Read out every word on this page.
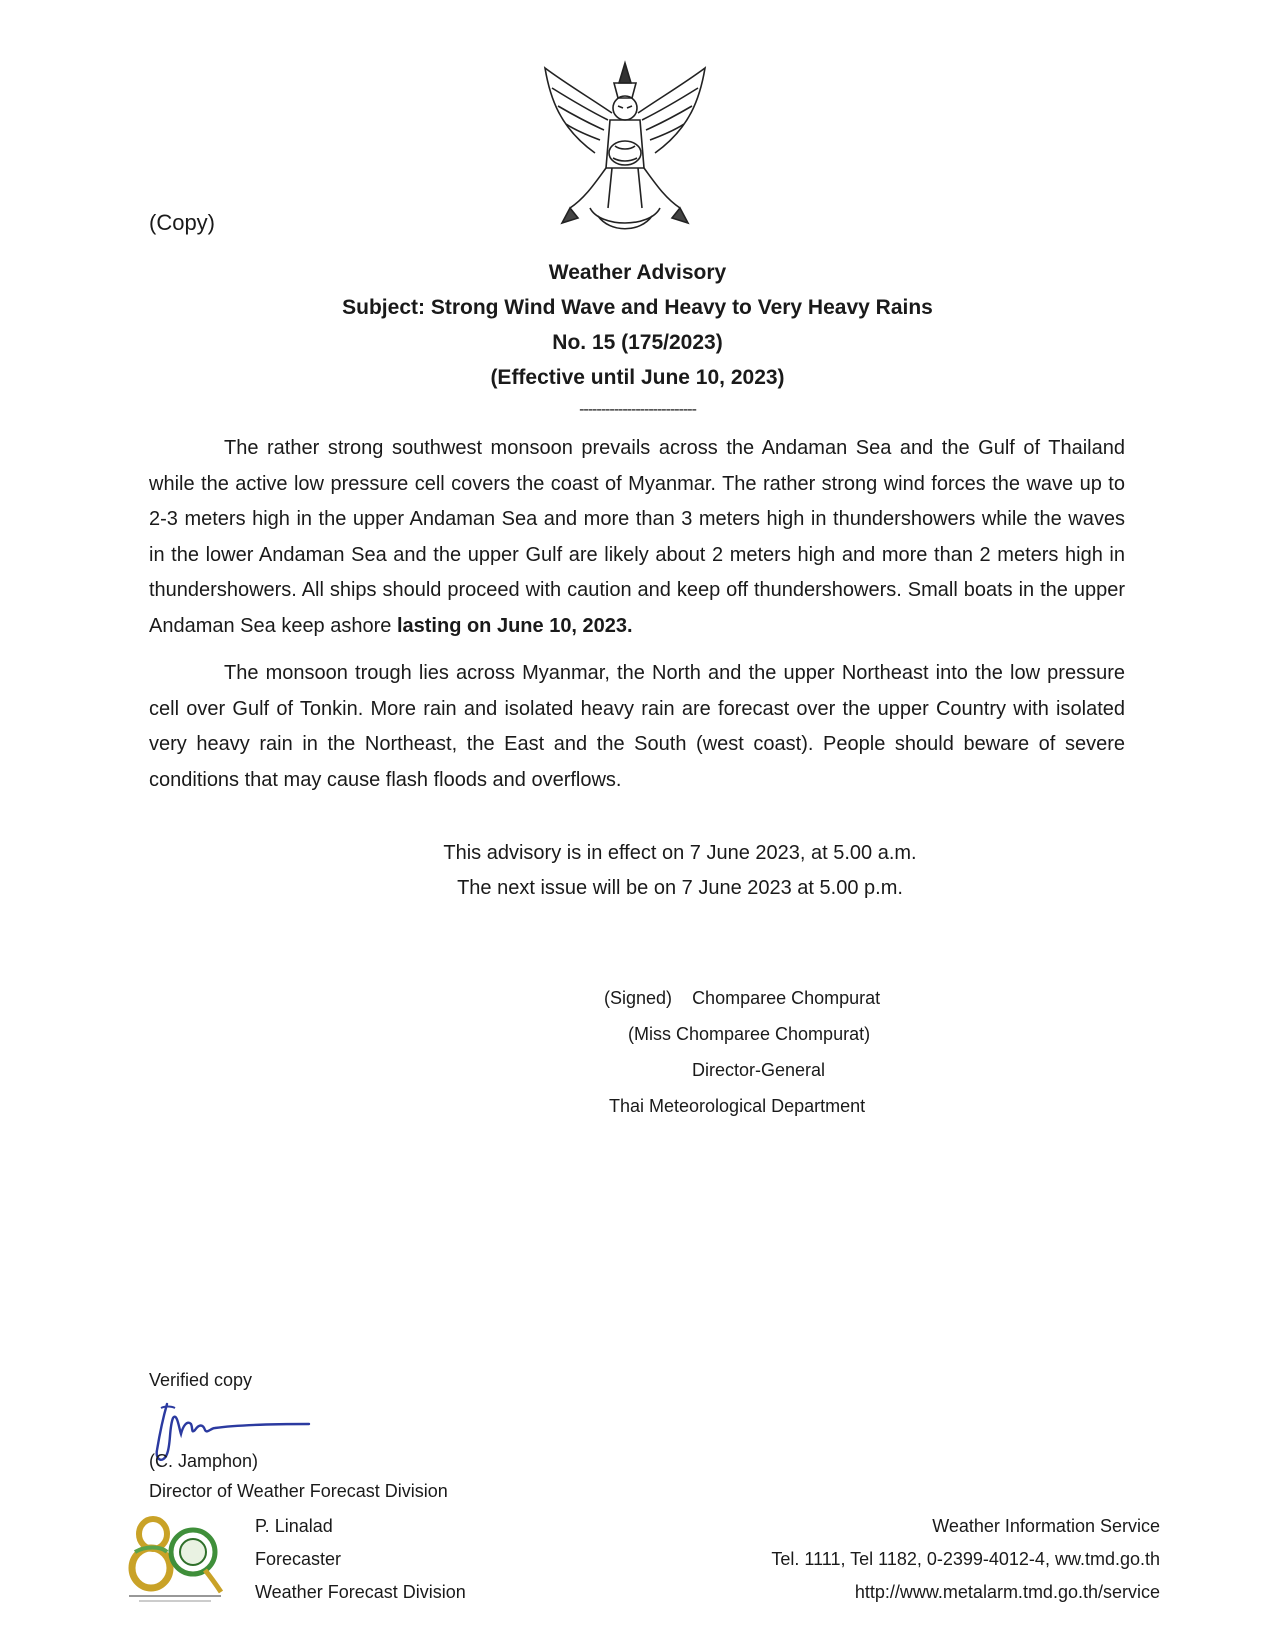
(Copy)
Weather Advisory
Subject: Strong Wind Wave and Heavy to Very Heavy Rains
No. 15 (175/2023)
(Effective until June 10, 2023)
---------------------------

The rather strong southwest monsoon prevails across the Andaman Sea and the Gulf of Thailand while the active low pressure cell covers the coast of Myanmar. The rather strong wind forces the wave up to 2-3 meters high in the upper Andaman Sea and more than 3 meters high in thundershowers while the waves in the lower Andaman Sea and the upper Gulf are likely about 2 meters high and more than 2 meters high in thundershowers. All ships should proceed with caution and keep off thundershowers. Small boats in the upper Andaman Sea keep ashore lasting on June 10, 2023.

The monsoon trough lies across Myanmar, the North and the upper Northeast into the low pressure cell over Gulf of Tonkin. More rain and isolated heavy rain are forecast over the upper Country with isolated very heavy rain in the Northeast, the East and the South (west coast). People should beware of severe conditions that may cause flash floods and overflows.

This advisory is in effect on 7 June 2023, at 5.00 a.m.
The next issue will be on 7 June 2023 at 5.00 p.m.
(Signed) Chomparee Chompurat
(Miss Chomparee Chompurat)
Director-General
Thai Meteorological Department
Verified copy
(C. Jamphon)
Director of Weather Forecast Division
P. Linalad
Forecaster
Weather Forecast Division
Weather Information Service
Tel. 1111, Tel 1182, 0-2399-4012-4, ww.tmd.go.th
http://www.metalarm.tmd.go.th/service
